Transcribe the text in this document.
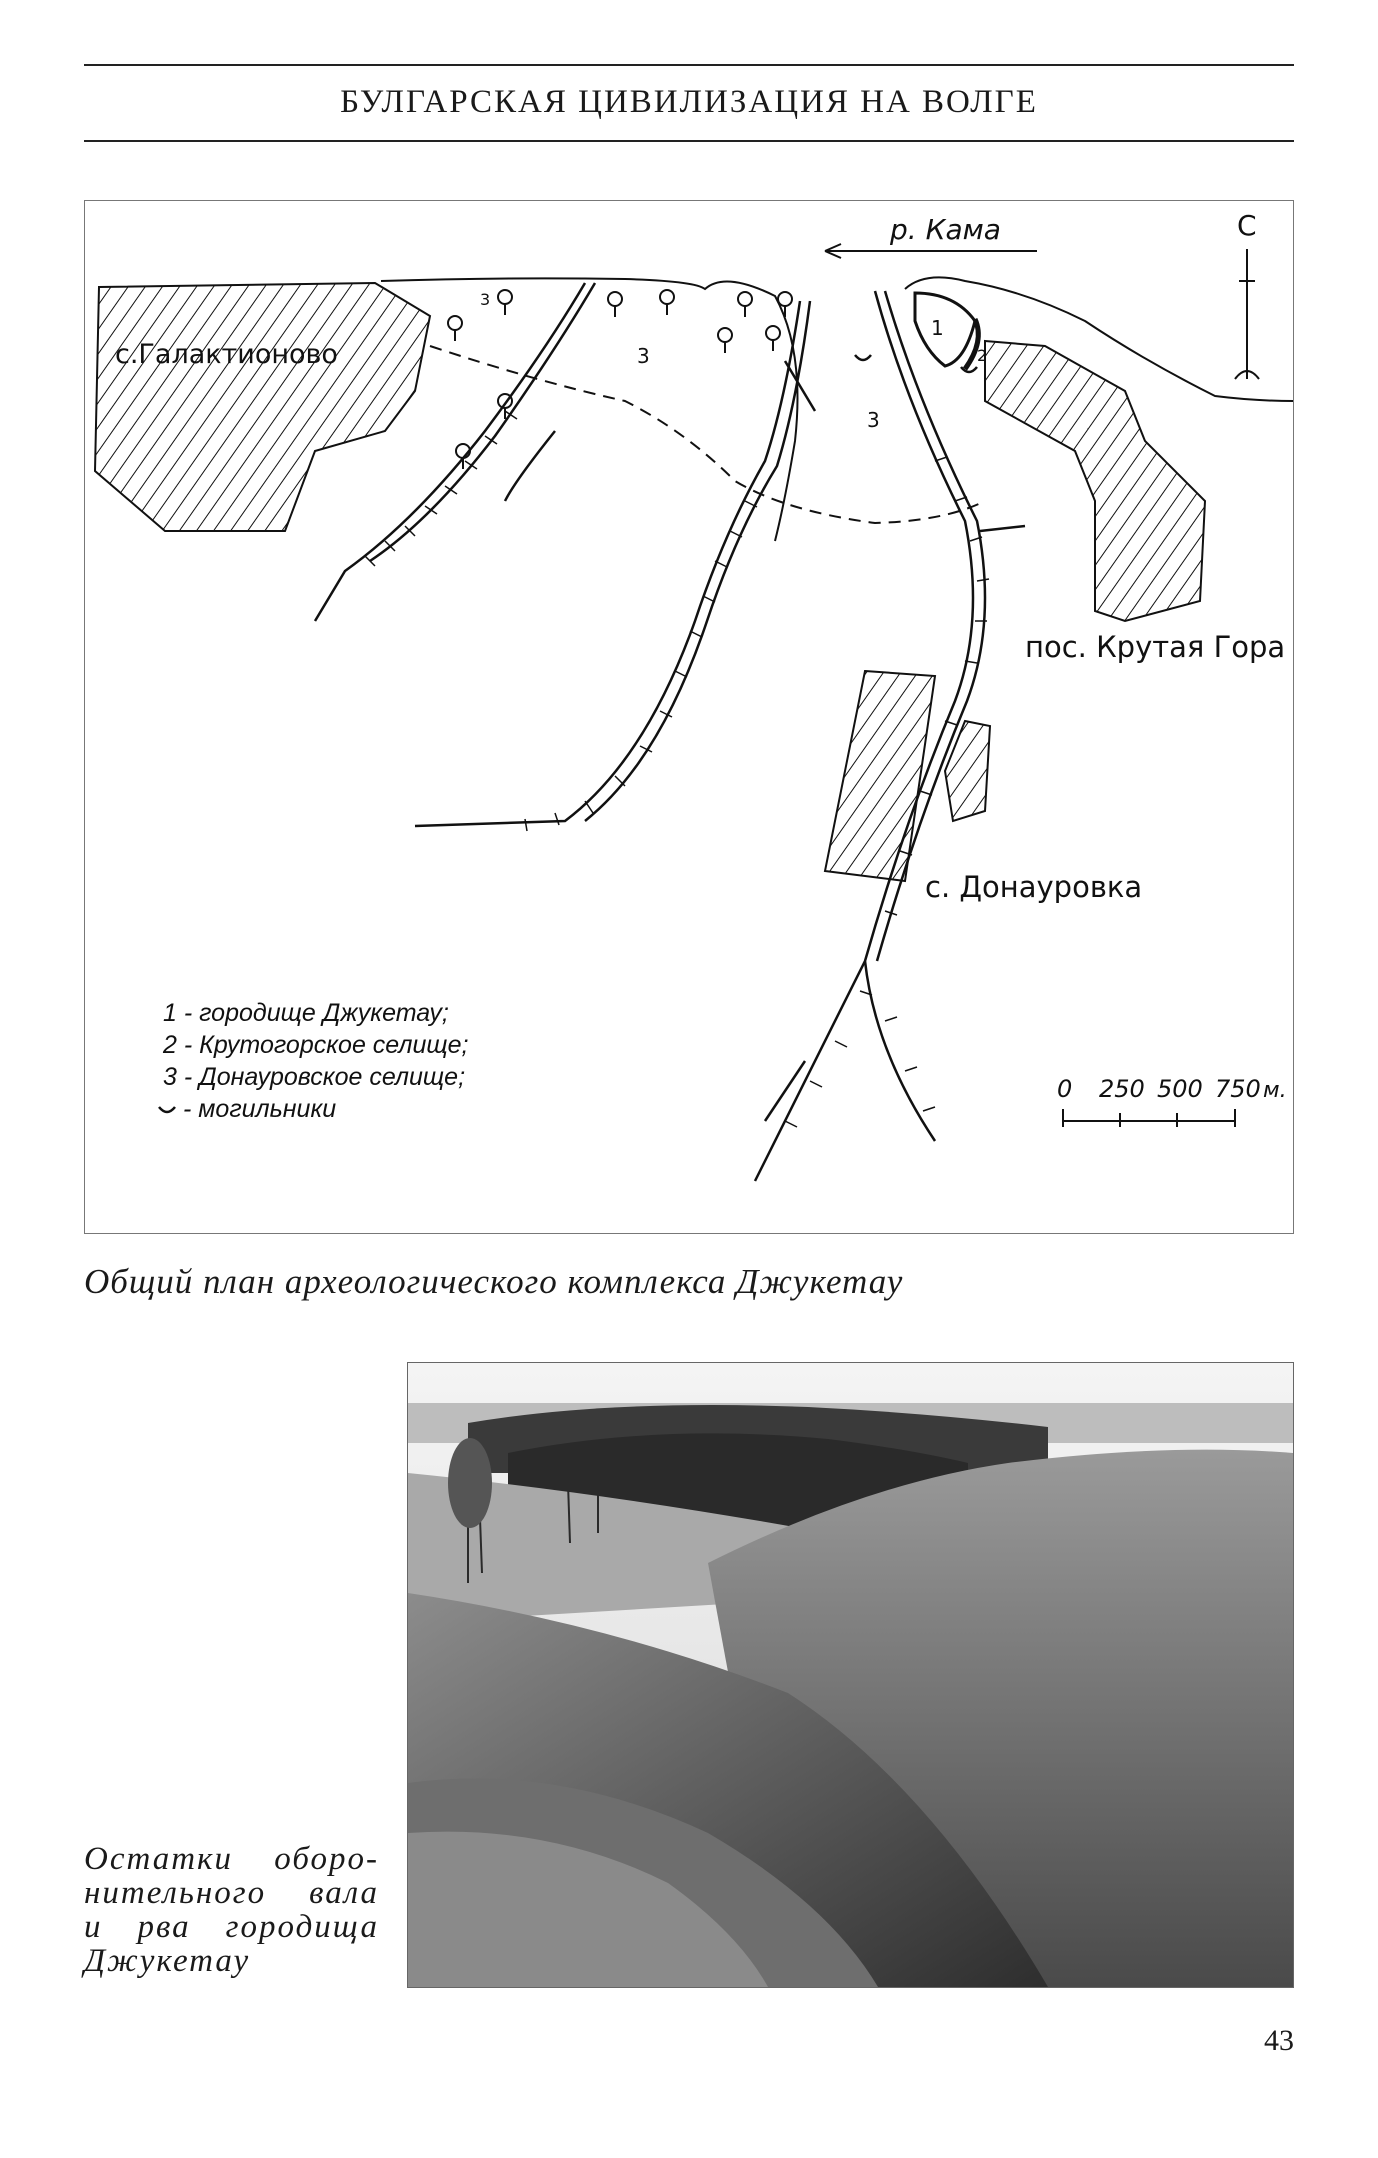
БУЛГАРСКАЯ ЦИВИЛИЗАЦИЯ НА ВОЛГЕ
3
3
3
1
2
р. Кама	С
с.Галактионово
пос. Крутая Гора
с. Донауровка
1 - городище Джукетау;
2 - Крутогорское селище;
3 - Донауровское селище;
- могильники
0 250 500 750 м.
Общий план археологического комплекса Джукетау
Остатки оборо-
нительного вала
и рва городища
Джукетау
43
